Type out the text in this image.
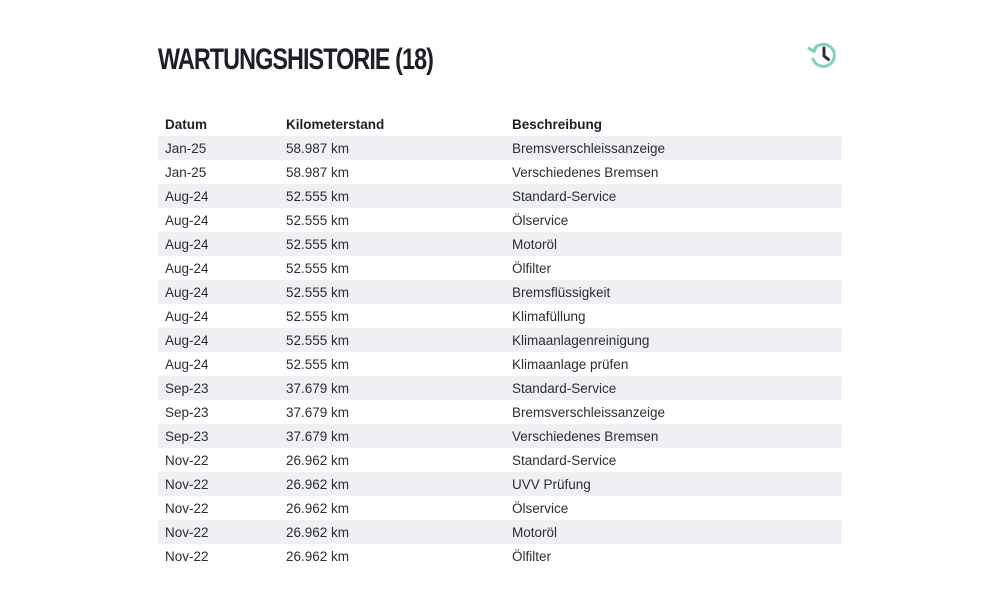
WARTUNGSHISTORIE (18)
Datum	Kilometerstand	Beschreibung
Jan-25	58.987 km	Bremsverschleissanzeige
Jan-25	58.987 km	Verschiedenes Bremsen
Aug-24	52.555 km	Standard-Service
Aug-24	52.555 km	Ölservice
Aug-24	52.555 km	Motoröl
Aug-24	52.555 km	Ölfilter
Aug-24	52.555 km	Bremsflüssigkeit
Aug-24	52.555 km	Klimafüllung
Aug-24	52.555 km	Klimaanlagenreinigung
Aug-24	52.555 km	Klimaanlage prüfen
Sep-23	37.679 km	Standard-Service
Sep-23	37.679 km	Bremsverschleissanzeige
Sep-23	37.679 km	Verschiedenes Bremsen
Nov-22	26.962 km	Standard-Service
Nov-22	26.962 km	UVV Prüfung
Nov-22	26.962 km	Ölservice
Nov-22	26.962 km	Motoröl
Nov-22	26.962 km	Ölfilter
